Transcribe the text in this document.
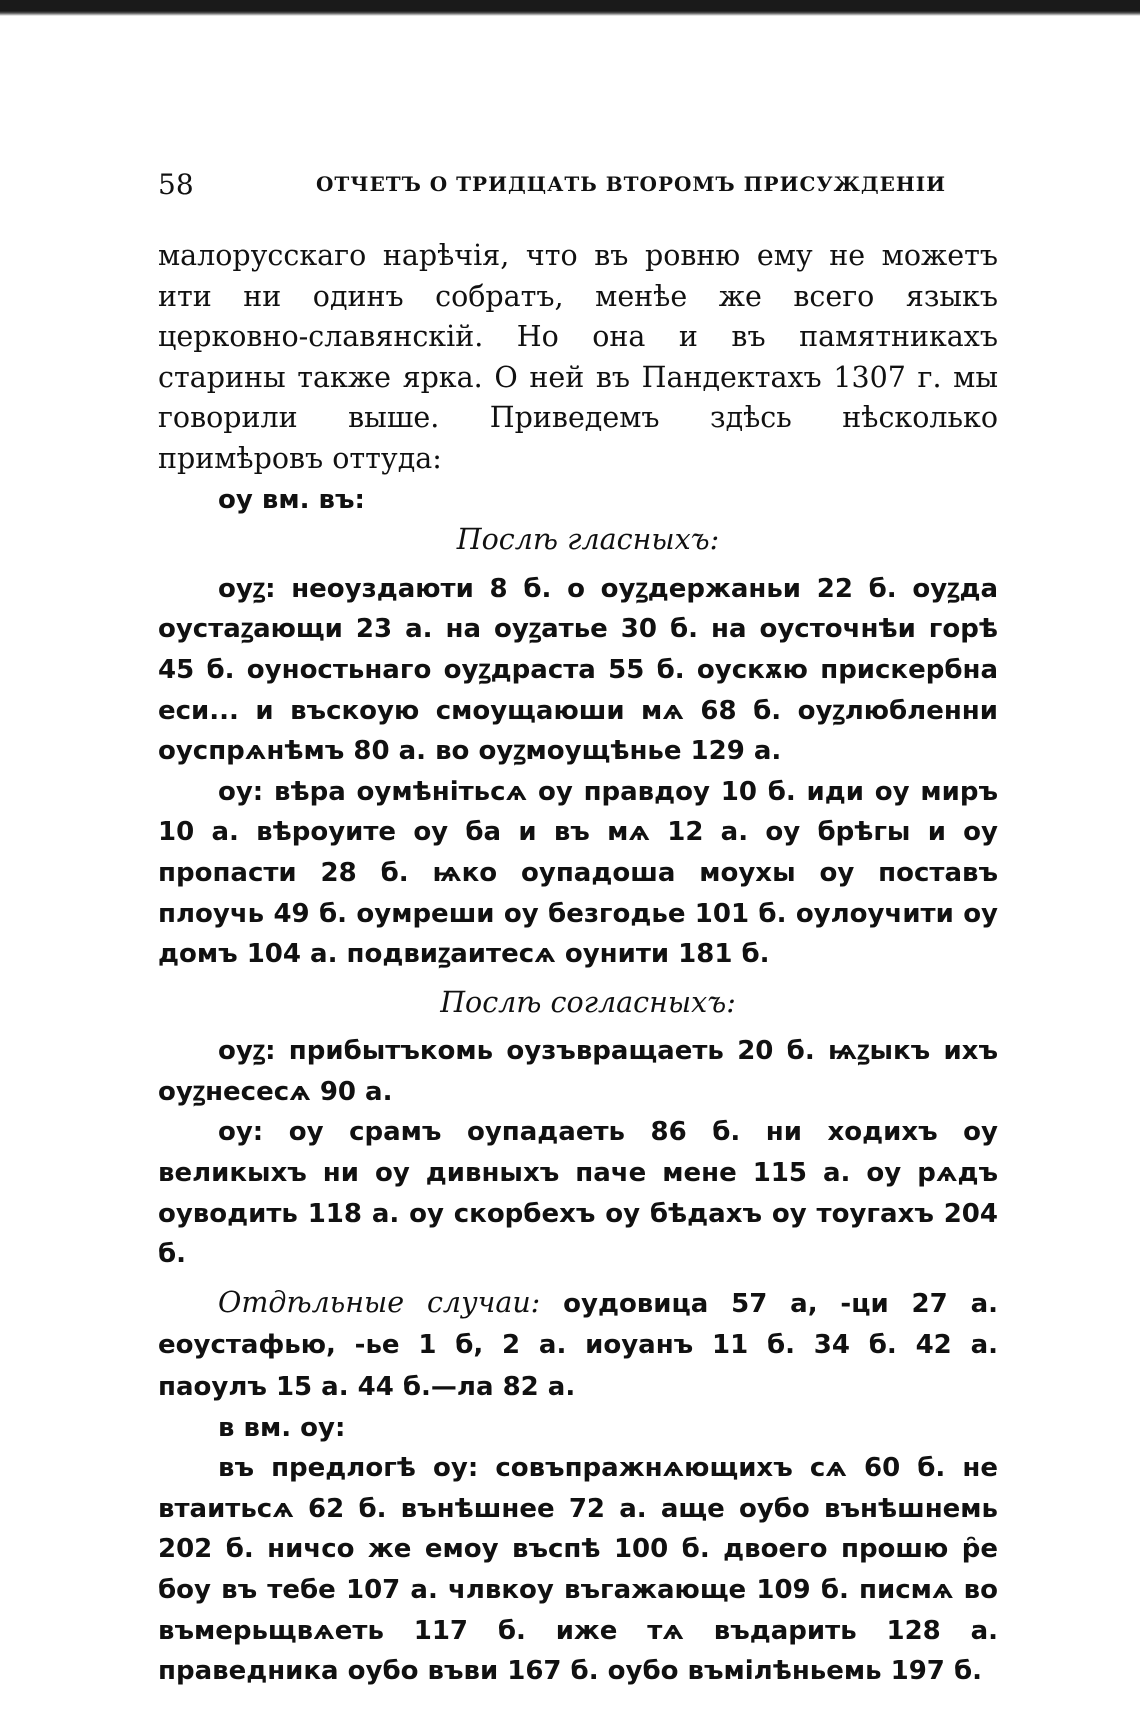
58	ОТЧЕТЪ О ТРИДЦАТЬ ВТОРОМЪ ПРИСУЖДЕНІИ

малорусскаго нарѣчія, что въ ровню ему не можетъ ити ни одинъ собратъ, менѣе же всего языкъ церковно-славянскій. Но она и въ памятникахъ старины также ярка. О ней въ Пандектахъ 1307 г. мы говорили выше. Приведемъ здѣсь нѣсколько примѣровъ оттуда:

оу вм. въ:

Послѣ гласныхъ:

оуꙁ: неоуздаюти 8 б. о оуꙁдержаньи 22 б. оуꙁда оустаꙁающи 23 а. на оуꙁатье 30 б. на оусточнѣи горѣ 45 б. оуностьнаго оуꙁдраста 55 б. оускѫю прискербна еси... и въскоую смоущаюши мѧ 68 б. оуꙁлюбленни оуспрѧнѣмъ 80 а. во оуꙁмоущѣнье 129 а.

оу: вѣра оумѣнітьсѧ оу правдоу 10 б. иди оу миръ 10 а. вѣроуите оу ба и въ мѧ 12 а. оу брѣгы и оу пропасти 28 б. ѩко оупадоша моухы оу поставъ плоучь 49 б. оумреши оу безгодье 101 б. оулоучити оу домъ 104 а. подвиꙁаитесѧ оунити 181 б.

Послѣ согласныхъ:

оуꙁ: прибытъкомь оузъвращаеть 20 б. ѩꙁыкъ ихъ оуꙁнесесѧ 90 а.

оу: оу срамъ оупадаеть 86 б. ни ходихъ оу великыхъ ни оу дивныхъ паче мене 115 а. оу рѧдъ оуводить 118 а. оу скорбехъ оу бѣдахъ оу тоугахъ 204 б.

Отдѣльные случаи: оудовица 57 а, -ци 27 а. еоустафью, -ье 1 б, 2 а. иоуанъ 11 б. 34 б. 42 а. паоулъ 15 а. 44 б.—ла 82 а.

в вм. оу:

въ предлогѣ оу: совъпражнѧющихъ сѧ 60 б. не втаитьсѧ 62 б. вънѣшнее 72 а. аще оубо вънѣшнемь 202 б. ничсо же емоу въспѣ 100 б. двоего прошю р̑е боу въ тебе 107 а. члвкоу въгажающе 109 б. писмѧ во въмерьщвѧеть 117 б. иже тѧ въдарить 128 а. праведника оубо въви 167 б. оубо въмілѣньемь 197 б.
